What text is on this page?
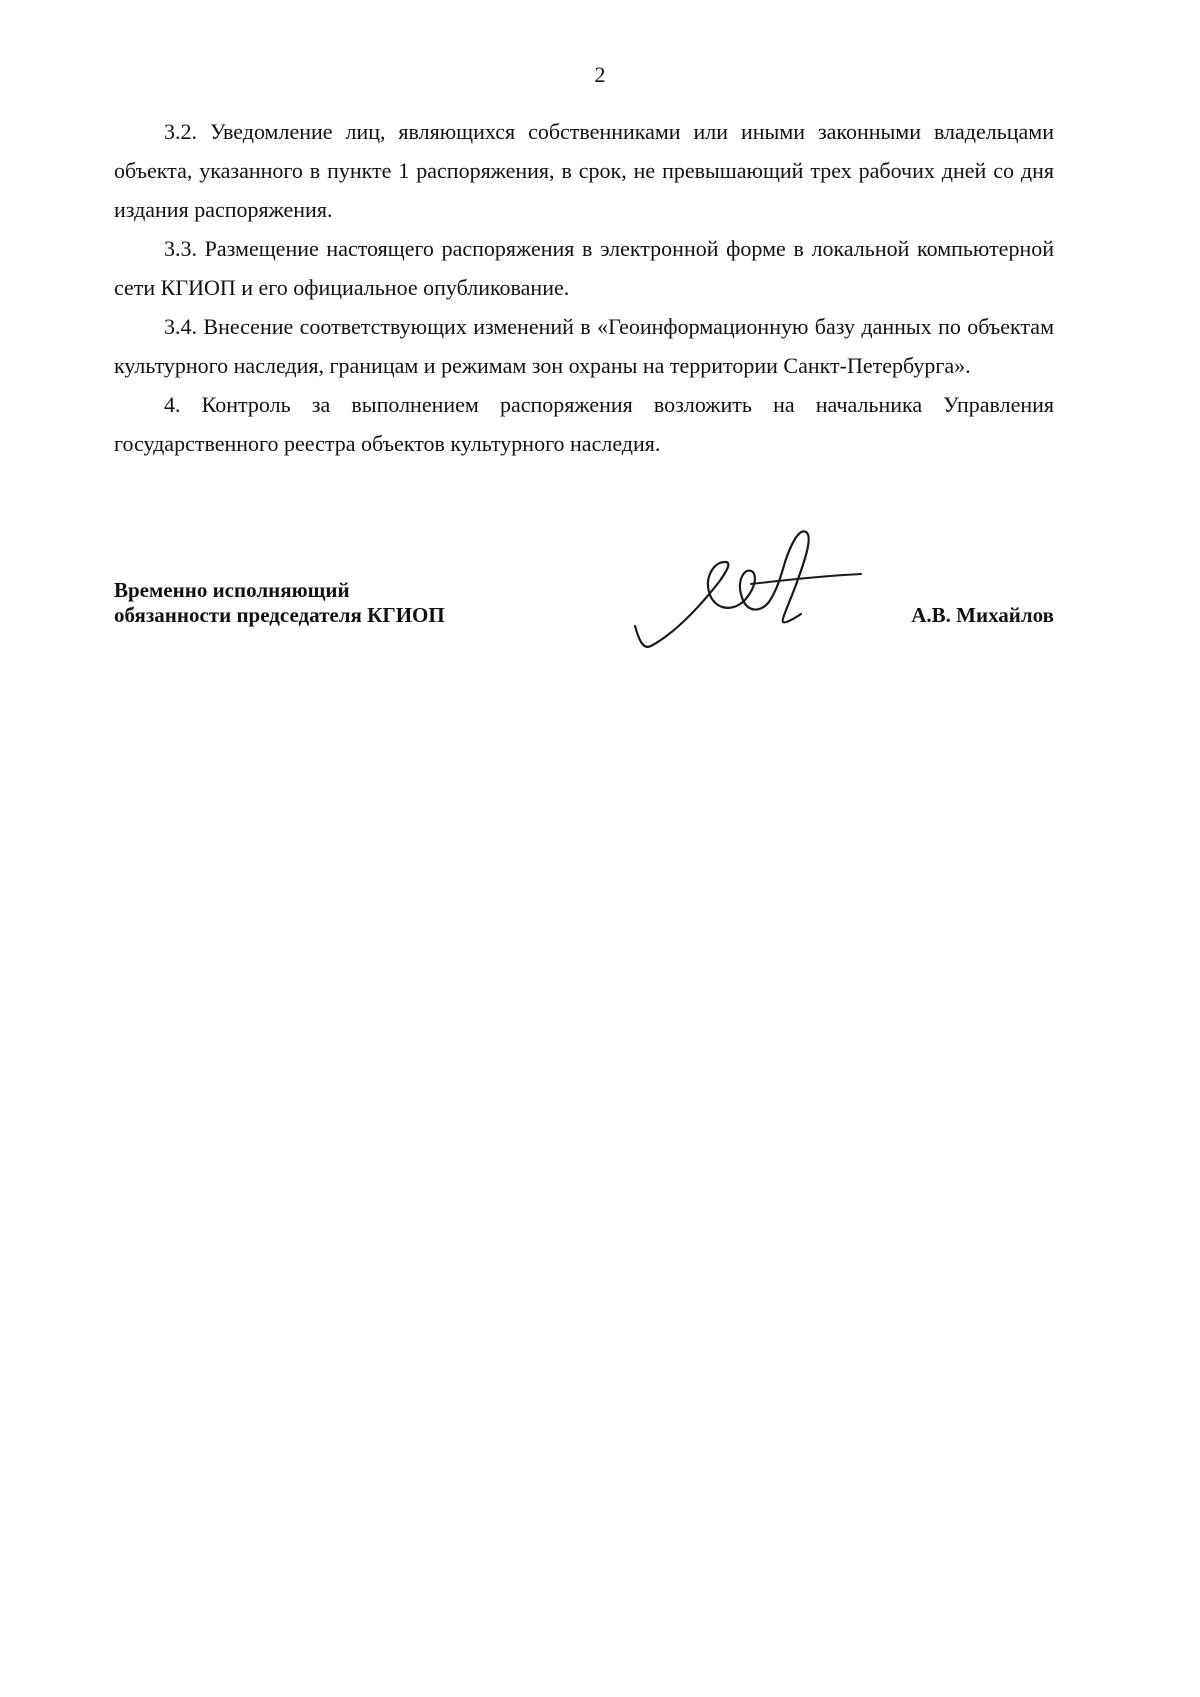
2

3.2. Уведомление лиц, являющихся собственниками или иными законными владельцами объекта, указанного в пункте 1 распоряжения, в срок, не превышающий трех рабочих дней со дня издания распоряжения.

3.3. Размещение настоящего распоряжения в электронной форме в локальной компьютерной сети КГИОП и его официальное опубликование.

3.4. Внесение соответствующих изменений в «Геоинформационную базу данных по объектам культурного наследия, границам и режимам зон охраны на территории Санкт-Петербурга».

4. Контроль за выполнением распоряжения возложить на начальника Управления государственного реестра объектов культурного наследия.

Временно исполняющий
обязанности председателя КГИОП	А.В. Михайлов
